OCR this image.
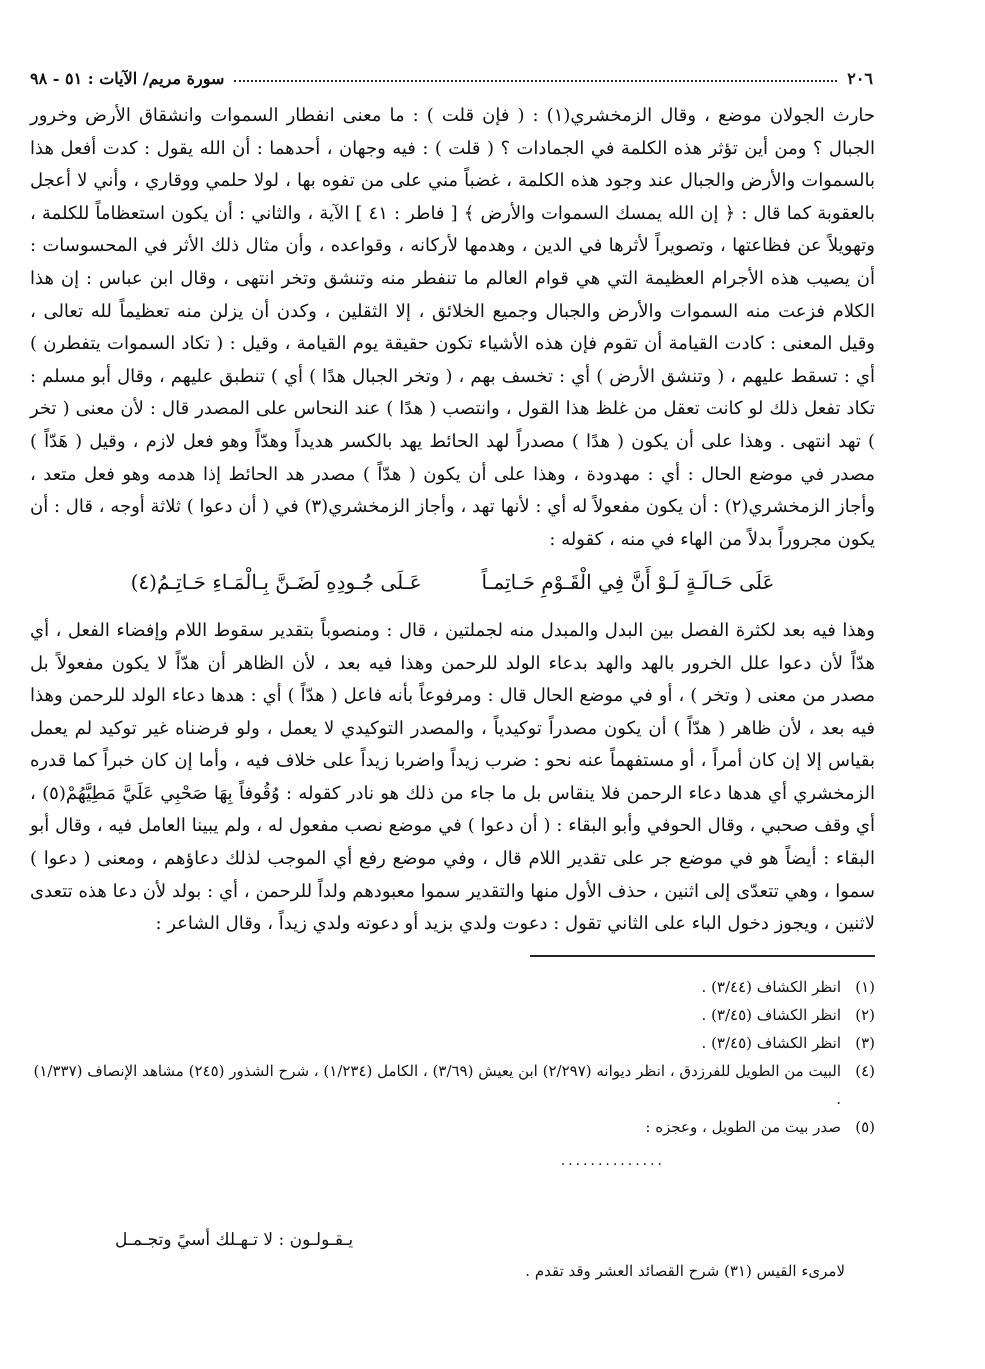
٢٠٦
سورة مريم/ الآيات : ٥١ - ٩٨

حارث الجولان موضع ، وقال الزمخشري(١) : ( فإن قلت ) : ما معنى انفطار السموات وانشقاق الأرض وخرور الجبال ؟ ومن أين تؤثر هذه الكلمة في الجمادات ؟ ( قلت ) : فيه وجهان ، أحدهما : أن الله يقول : كدت أفعل هذا بالسموات والأرض والجبال عند وجود هذه الكلمة ، غضباً مني على من تفوه بها ، لولا حلمي ووقاري ، وأني لا أعجل بالعقوبة كما قال : ﴿ إن الله يمسك السموات والأرض ﴾ [ فاطر : ٤١ ] الآية ، والثاني : أن يكون استعظاماً للكلمة ، وتهويلاً عن فظاعتها ، وتصويراً لأثرها في الدين ، وهدمها لأركانه ، وقواعده ، وأن مثال ذلك الأثر في المحسوسات : أن يصيب هذه الأجرام العظيمة التي هي قوام العالم ما تنفطر منه وتنشق وتخر انتهى ، وقال ابن عباس : إن هذا الكلام فزعت منه السموات والأرض والجبال وجميع الخلائق ، إلا الثقلين ، وكدن أن يزلن منه تعظيماً لله تعالى ، وقيل المعنى : كادت القيامة أن تقوم فإن هذه الأشياء تكون حقيقة يوم القيامة ، وقيل : ( تكاد السموات يتفطرن ) أي : تسقط عليهم ، ( وتنشق الأرض ) أي : تخسف بهم ، ( وتخر الجبال هدًا ) أي ) تنطبق عليهم ، وقال أبو مسلم : تكاد تفعل ذلك لو كانت تعقل من غلظ هذا القول ، وانتصب ( هدًا ) عند النحاس على المصدر قال : لأن معنى ( تخر ) تهد انتهى . وهذا على أن يكون ( هدًا ) مصدراً لهد الحائط يهد بالكسر هديداً وهدّاً وهو فعل لازم ، وقيل ( هَدّاً ) مصدر في موضع الحال : أي : مهدودة ، وهذا على أن يكون ( هدّاً ) مصدر هد الحائط إذا هدمه وهو فعل متعد ، وأجاز الزمخشري(٢) : أن يكون مفعولاً له أي : لأنها تهد ، وأجاز الزمخشري(٣) في ( أن دعوا ) ثلاثة أوجه ، قال : أن يكون مجروراً بدلاً من الهاء في منه ، كقوله :

عَلَى حَـالَـةٍ لَـوْ أَنَّ فِي الْقَـوْمِ حَـاتِمـاً
عَـلَى جُـودِهِ لَضَـنَّ بِـالْمَـاءِ حَـاتِـمُ(٤)

وهذا فيه بعد لكثرة الفصل بين البدل والمبدل منه لجملتين ، قال : ومنصوباً بتقدير سقوط اللام وإفضاء الفعل ، أي هدّاً لأن دعوا علل الخرور بالهد والهد بدعاء الولد للرحمن وهذا فيه بعد ، لأن الظاهر أن هدّاً لا يكون مفعولاً بل مصدر من معنى ( وتخر ) ، أو في موضع الحال قال : ومرفوعاً بأنه فاعل ( هدّاً ) أي : هدها دعاء الولد للرحمن وهذا فيه بعد ، لأن ظاهر ( هدّاً ) أن يكون مصدراً توكيدياً ، والمصدر التوكيدي لا يعمل ، ولو فرضناه غير توكيد لم يعمل بقياس إلا إن كان أمراً ، أو مستفهماً عنه نحو : ضرب زيداً واضربا زيداً على خلاف فيه ، وأما إن كان خبراً كما قدره الزمخشري أي هدها دعاء الرحمن فلا ينقاس بل ما جاء من ذلك هو نادر كقوله : وُقُوفاً بِهَا صَحْبِي عَلَيَّ مَطِيَّهُمْ(٥) ، أي وقف صحبي ، وقال الحوفي وأبو البقاء : ( أن دعوا ) في موضع نصب مفعول له ، ولم يبينا العامل فيه ، وقال أبو البقاء : أيضاً هو في موضع جر على تقدير اللام قال ، وفي موضع رفع أي الموجب لذلك دعاؤهم ، ومعنى ( دعوا ) سموا ، وهي تتعدّى إلى اثنين ، حذف الأول منها والتقدير سموا معبودهم ولداً للرحمن ، أي : بولد لأن دعا هذه تتعدى لاثنين ، ويجوز دخول الباء على الثاني تقول : دعوت ولدي بزيد أو دعوته ولدي زيداً ، وقال الشاعر :

(١)
انظر الكشاف (٣/٤٤) .
(٢)
انظر الكشاف (٣/٤٥) .
(٣)
انظر الكشاف (٣/٤٥) .
(٤)
البيت من الطويل للفرزدق ، انظر ديوانه (٢/٢٩٧) ابن يعيش (٣/٦٩) ، الكامل (١/٢٣٤) ، شرح الشذور (٢٤٥) مشاهد الإنصاف (١/٣٣٧) .
(٥)
صدر بيت من الطويل ، وعجزه :
..............
يـقـولـون : لا تـهـلك أسيً وتجـمـل
لامرىء القيس (٣١) شرح القصائد العشر وقد تقدم .
